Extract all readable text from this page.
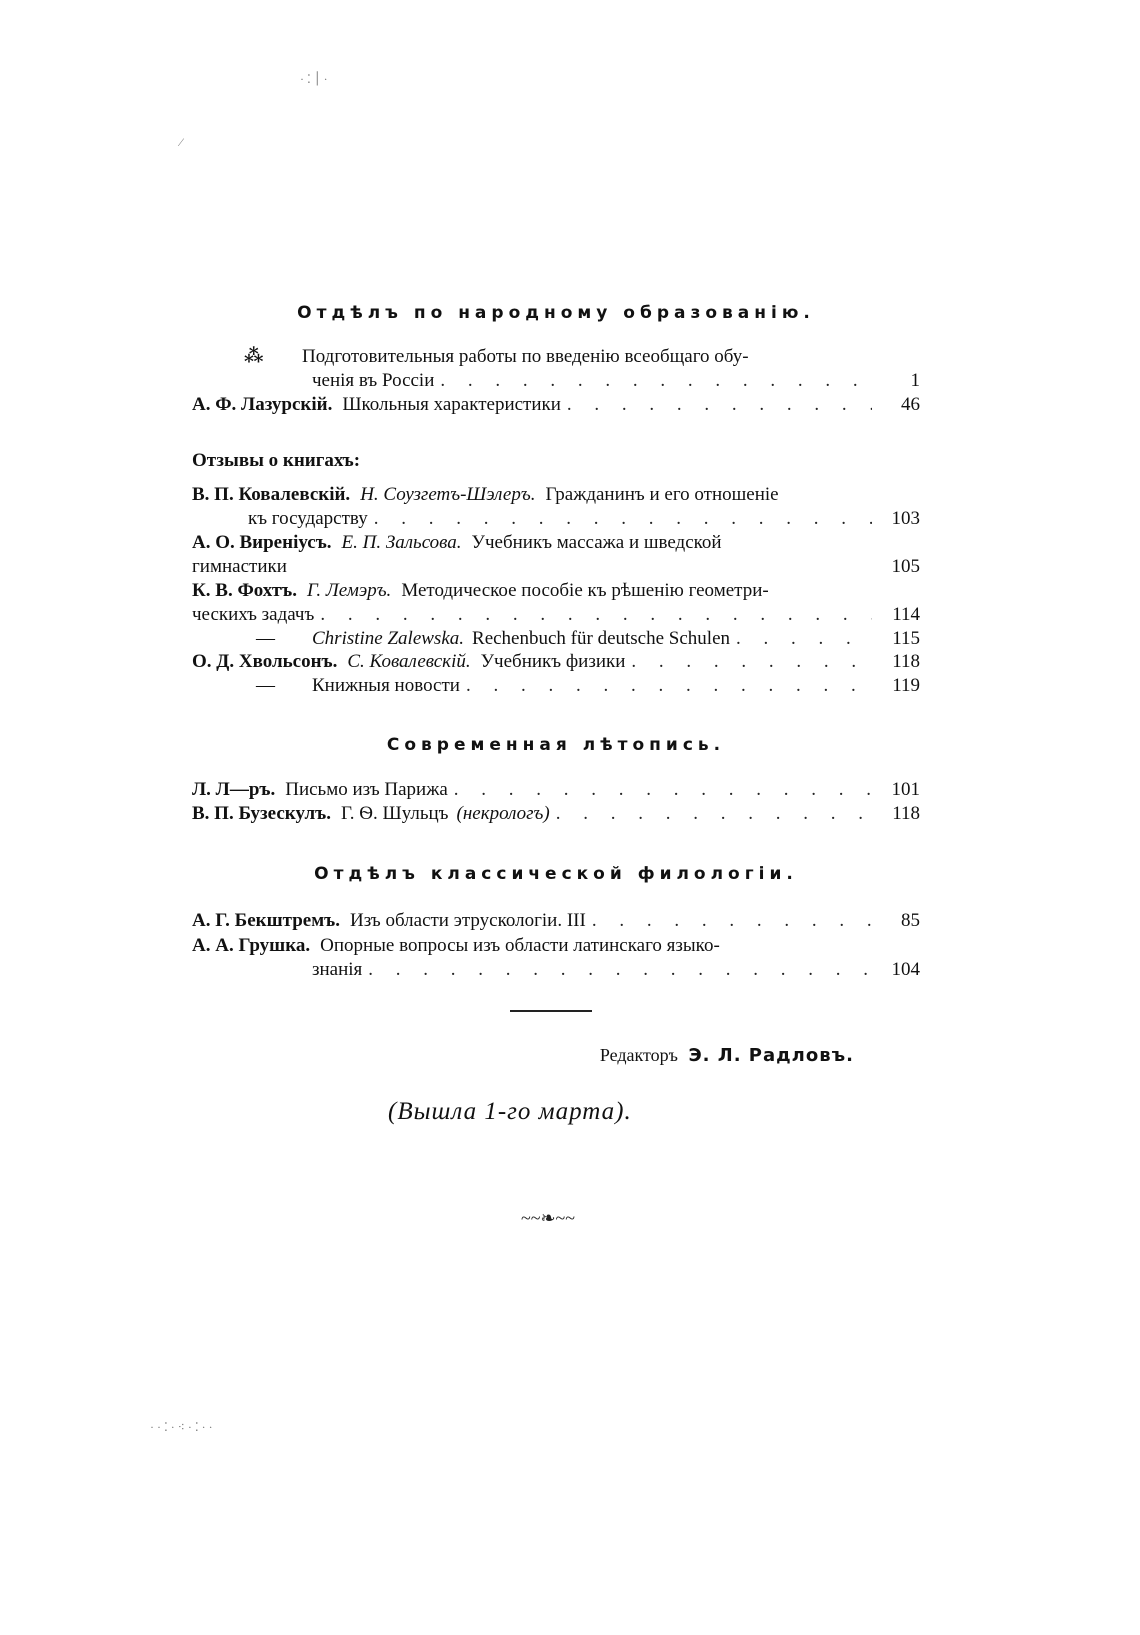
Отдѣлъ по народному образованію.
⁂	Подготовительныя работы по введенію всеобщаго обу-
ченія въ Россіи . . .	1
А. Ф. Лазурскій. Школьныя характеристики . . .	46
Отзывы о книгахъ:
В. П. Ковалевскій. Н. Соузгетъ-Шэлеръ. Гражданинъ и его отношеніе
къ государству . . .	103
А. О. Виреніусъ. Е. П. Зальсова. Учебникъ массажа и шведской
гимнастики	105
К. В. Фохтъ. Г. Лемэръ. Методическое пособіе къ рѣшенію геометри-
ческихъ задачъ . . .	114
—	Christine Zalewska. Rechenbuch für deutsche Schulen . . .	115
О. Д. Хвольсонъ. С. Ковалевскій. Учебникъ физики . . .	118
—	Книжныя новости . . .	119
Современная лѣтопись.
Л. Л—ръ. Письмо изъ Парижа . . .	101
В. П. Бузескулъ. Г. Ѳ. Шульцъ (некрологъ) . . .	118
Отдѣлъ классической филологіи.
А. Г. Бекштремъ. Изъ области этрускологіи. III . . .	85
А. А. Грушка. Опорные вопросы изъ области латинскаго языко-
знанія . . .	104
Редакторъ Э. Л. Радловъ.
(Вышла 1-го марта).
~~❧~~
· ⁚ ׀ ·
⁄
· · ⁚ · ⁖ · ⁚ · ·
